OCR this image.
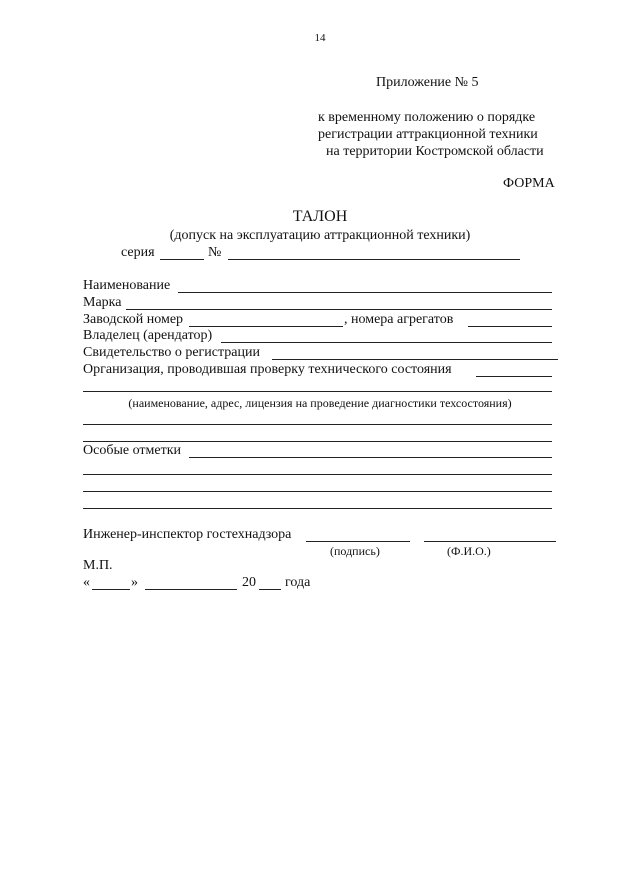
14
Приложение № 5
к временному положению о порядке
регистрации аттракционной техники
на территории Костромской области
ФОРМА
ТАЛОН
(допуск на эксплуатацию аттракционной техники)
серия	№
Наименование
Марка
Заводской номер	, номера агрегатов
Владелец (арендатор)
Свидетельство о регистрации
Организация, проводившая проверку технического состояния
(наименование, адрес, лицензия на проведение диагностики техсостояния)
Особые отметки
Инженер-инспектор гостехнадзора
(подпись)	(Ф.И.О.)
М.П.
«	»	20 года
